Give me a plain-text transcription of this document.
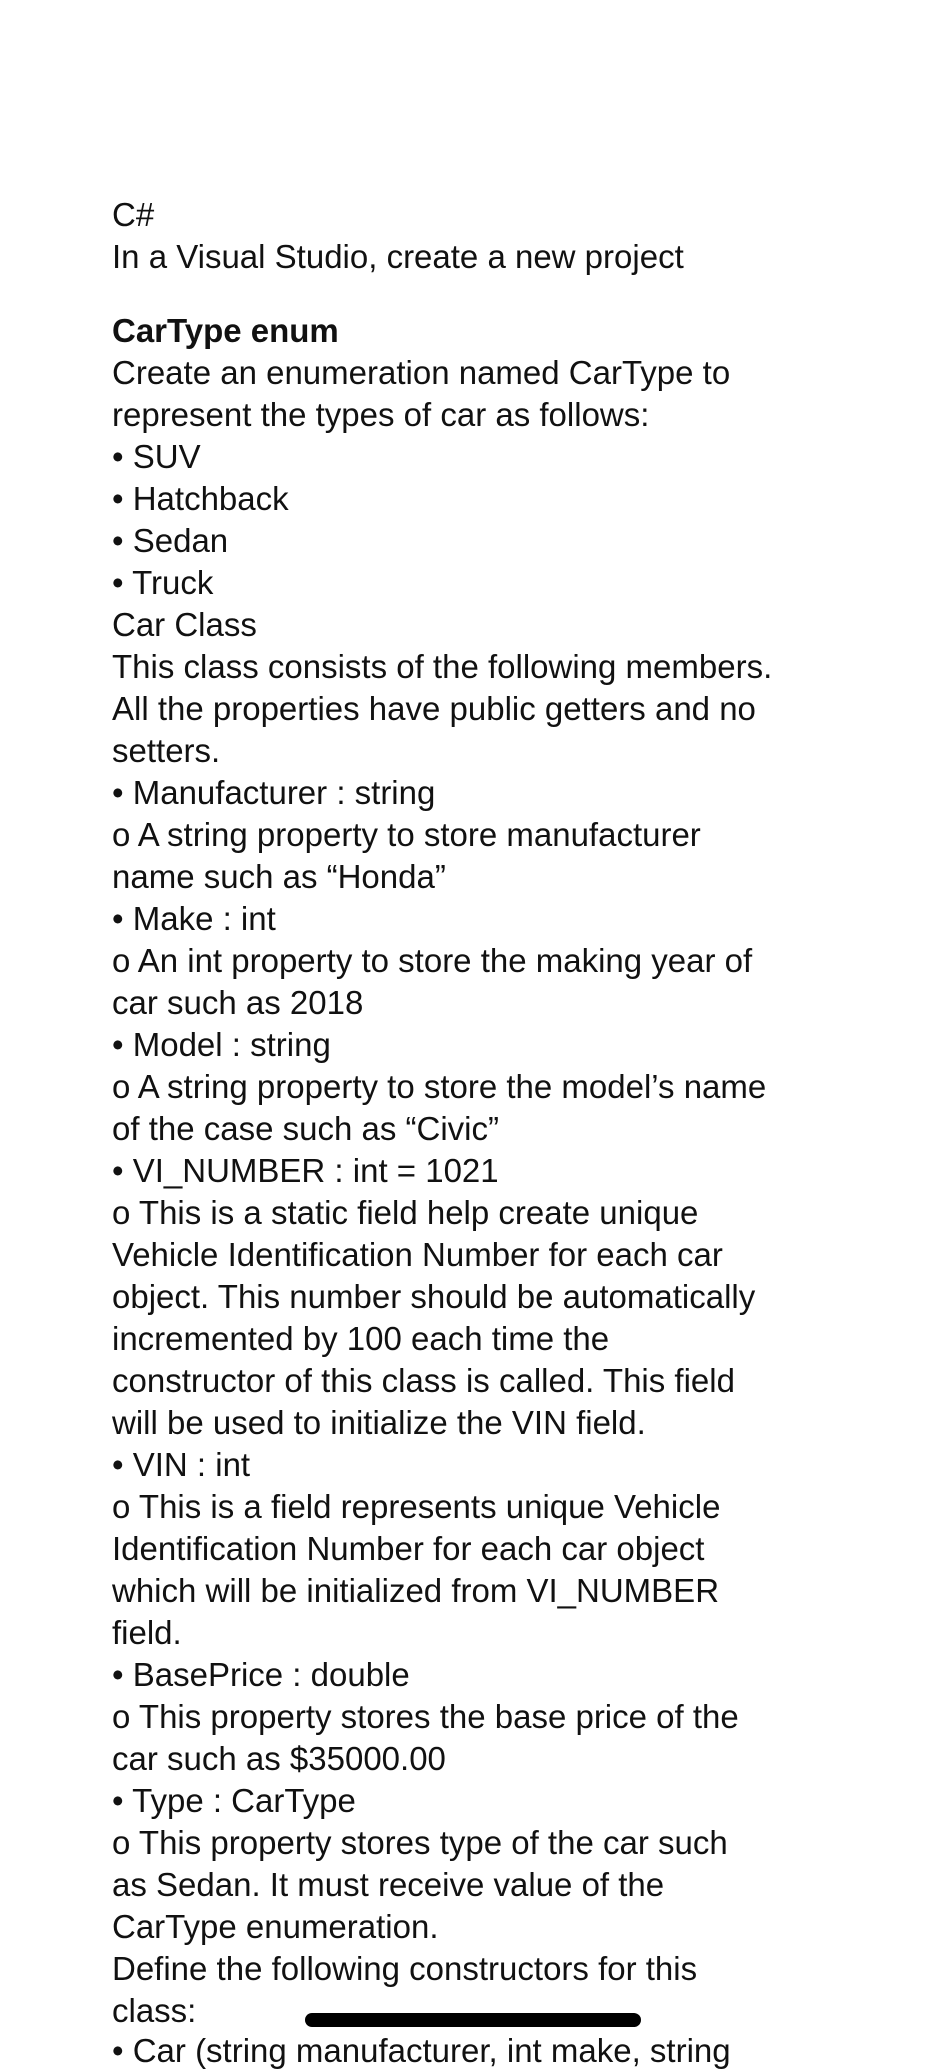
C#
In a Visual Studio, create a new project
CarType enum
Create an enumeration named CarType to
represent the types of car as follows:
• SUV
• Hatchback
• Sedan
• Truck
Car Class
This class consists of the following members.
All the properties have public getters and no
setters.
• Manufacturer : string
o A string property to store manufacturer
name such as “Honda”
• Make : int
o An int property to store the making year of
car such as 2018
• Model : string
o A string property to store the model’s name
of the case such as “Civic”
• VI_NUMBER : int = 1021
o This is a static field help create unique
Vehicle Identification Number for each car
object. This number should be automatically
incremented by 100 each time the
constructor of this class is called. This field
will be used to initialize the VIN field.
• VIN : int
o This is a field represents unique Vehicle
Identification Number for each car object
which will be initialized from VI_NUMBER
field.
• BasePrice : double
o This property stores the base price of the
car such as $35000.00
• Type : CarType
o This property stores type of the car such
as Sedan. It must receive value of the
CarType enumeration.
Define the following constructors for this
class:
• Car (string manufacturer, int make, string
